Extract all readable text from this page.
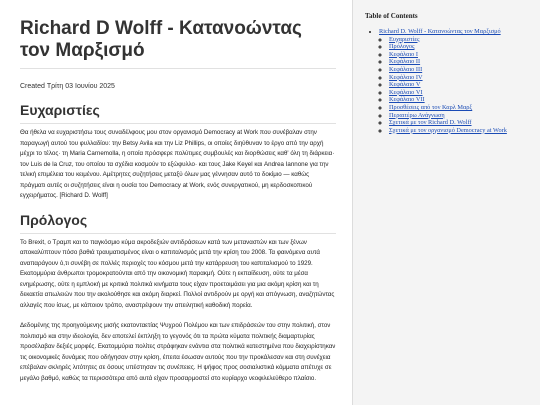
Richard D Wolff - Κατανοώντας τον Μαρξισμό
Created Τρίτη 03 Ιουνίου 2025
Ευχαριστίες

Θα ήθελα να ευχαριστήσω τους συναδέλφους μου στον οργανισμό Democracy at Work που συνέβαλαν στην παραγωγή αυτού του φυλλαδίου: την Betsy Avila και την Liz Phillips, οι οποίες διηύθυναν το έργο από την αρχή μέχρι το τέλος· τη Maria Carnemolla, η οποία πρόσφερε πολύτιμες συμβουλές και διορθώσεις καθ' όλη τη διάρκεια· τον Luis de la Cruz, του οποίου τα σχέδια κοσμούν το εξώφυλλο· και τους Jake Keyel και Andrea Iannone για την τελική επιμέλεια του κειμένου. Αμέτρητες συζητήσεις μεταξύ όλων μας γέννησαν αυτό το δοκίμιο — καθώς πράγματι αυτές οι συζητήσεις είναι η ουσία του Democracy at Work, ενός συνεργατικού, μη κερδοσκοπικού εγχειρήματος. [Richard D. Wolff]

Πρόλογος

Το Brexit, ο Τραμπ και το παγκόσμιο κύμα ακροδεξιών αντιδράσεων κατά των μεταναστών και των ξένων αποκαλύπτουν πόσο βαθιά τραυματισμένος είναι ο καπιταλισμός μετά την κρίση του 2008. Τα φαινόμενα αυτά αναπαράγουν ό,τι συνέβη σε πολλές περιοχές του κόσμου μετά την κατάρρευση του καπιταλισμού το 1929. Εκατομμύρια άνθρωποι τρομοκρατούνται από την οικονομική παρακμή. Ούτε η εκπαίδευση, ούτε τα μέσα ενημέρωσης, ούτε η εμπλοκή με κριτικά πολιτικά κινήματα τους είχαν προετοιμάσει για μια ακόμη κρίση και τη δεκαετία απωλειών που την ακολούθησε και ακόμη διαρκεί. Πολλοί αντιδρούν με οργή και απόγνωση, αναζητώντας αλλαγές που ίσως, με κάποιον τρόπο, αναστρέψουν την απειλητική καθοδική πορεία.

Δεδομένης της προηγούμενης μισής εκατονταετίας Ψυχρού Πολέμου και των επιδράσεών του στην πολιτική, στον πολιτισμό και στην ιδεολογία, δεν αποτελεί έκπληξη το γεγονός ότι τα πρώτα κύματα πολιτικής διαμαρτυρίας προσέλαβαν δεξιές μορφές. Εκατομμύρια πολίτες στράφηκαν ενάντια στα πολιτικά κατεστημένα που διαχειρίστηκαν τις οικονομικές δυνάμεις που οδήγησαν στην κρίση, έπειτα έσωσαν αυτούς που την προκάλεσαν και στη συνέχεια επέβαλαν σκληρές λιτότητες σε όσους υπέστησαν τις συνέπειες. Η ψήφος προς σοσιαλιστικά κόμματα απέτυχε σε μεγάλο βαθμό, καθώς τα περισσότερα από αυτά είχαν προσαρμοστεί στο κυρίαρχο νεοφιλελεύθερο πλαίσιο.

Table of Contents
• Richard D. Wolff - Κατανοώντας τον Μαρξισμό
◦ Ευχαριστίες
◦ Πρόλογος
◦ Κεφάλαιο I
◦ Κεφάλαιο II
◦ Κεφάλαιο III
◦ Κεφάλαιο IV
◦ Κεφάλαιο V
◦ Κεφάλαιο VI
◦ Κεφάλαιο VII
◦ Προσθέσεις από τον Καρλ Μαρξ
◦ Περαιτέρω Ανάγνωση
◦ Σχετικά με τον Richard D. Wolff
◦ Σχετικά με τον οργανισμό Democracy at Work
